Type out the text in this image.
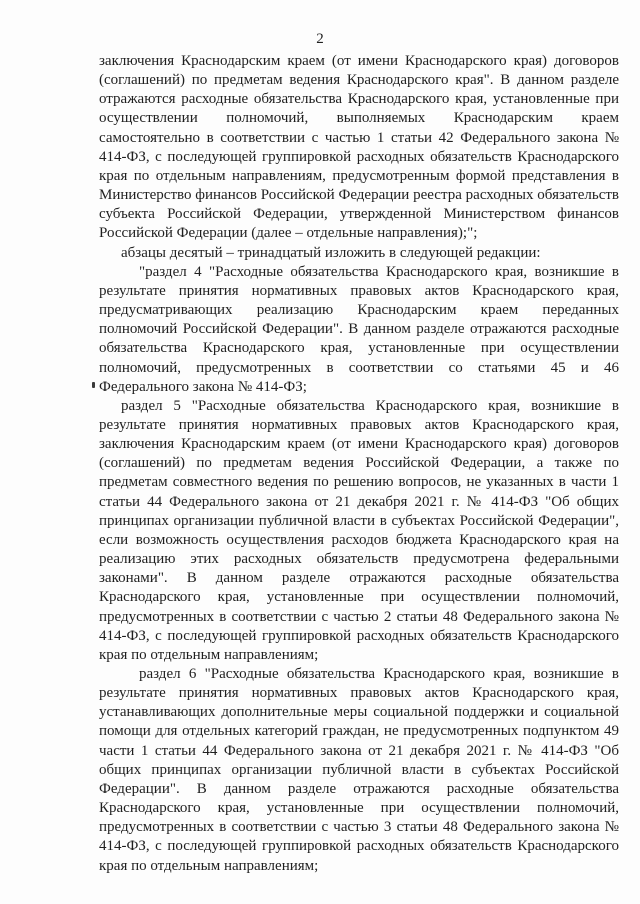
2

заключения Краснодарским краем (от имени Краснодарского края) договоров (соглашений) по предметам ведения Краснодарского края". В данном разделе отражаются расходные обязательства Краснодарского края, установленные при осуществлении полномочий, выполняемых Краснодарским краем самостоятельно в соответствии с частью 1 статьи 42 Федерального закона № 414-ФЗ, с последующей группировкой расходных обязательств Краснодарского края по отдельным направлениям, предусмотренным формой представления в Министерство финансов Российской Федерации реестра расходных обязательств субъекта Российской Федерации, утвержденной Министерством финансов Российской Федерации (далее – отдельные направления);";

абзацы десятый – тринадцатый изложить в следующей редакции:

"раздел 4 "Расходные обязательства Краснодарского края, возникшие в результате принятия нормативных правовых актов Краснодарского края, предусматривающих реализацию Краснодарским краем переданных полномочий Российской Федерации". В данном разделе отражаются расходные обязательства Краснодарского края, установленные при осуществлении полномочий, предусмотренных в соответствии со статьями 45 и 46 Федерального закона № 414-ФЗ;

раздел 5 "Расходные обязательства Краснодарского края, возникшие в результате принятия нормативных правовых актов Краснодарского края, заключения Краснодарским краем (от имени Краснодарского края) договоров (соглашений) по предметам ведения Российской Федерации, а также по предметам совместного ведения по решению вопросов, не указанных в части 1 статьи 44 Федерального закона от 21 декабря 2021 г. № 414-ФЗ "Об общих принципах организации публичной власти в субъектах Российской Федерации", если возможность осуществления расходов бюджета Краснодарского края на реализацию этих расходных обязательств предусмотрена федеральными законами". В данном разделе отражаются расходные обязательства Краснодарского края, установленные при осуществлении полномочий, предусмотренных в соответствии с частью 2 статьи 48 Федерального закона № 414-ФЗ, с последующей группировкой расходных обязательств Краснодарского края по отдельным направлениям;

раздел 6 "Расходные обязательства Краснодарского края, возникшие в результате принятия нормативных правовых актов Краснодарского края, устанавливающих дополнительные меры социальной поддержки и социальной помощи для отдельных категорий граждан, не предусмотренных подпунктом 49 части 1 статьи 44 Федерального закона от 21 декабря 2021 г. № 414-ФЗ "Об общих принципах организации публичной власти в субъектах Российской Федерации". В данном разделе отражаются расходные обязательства Краснодарского края, установленные при осуществлении полномочий, предусмотренных в соответствии с частью 3 статьи 48 Федерального закона № 414-ФЗ, с последующей группировкой расходных обязательств Краснодарского края по отдельным направлениям;
